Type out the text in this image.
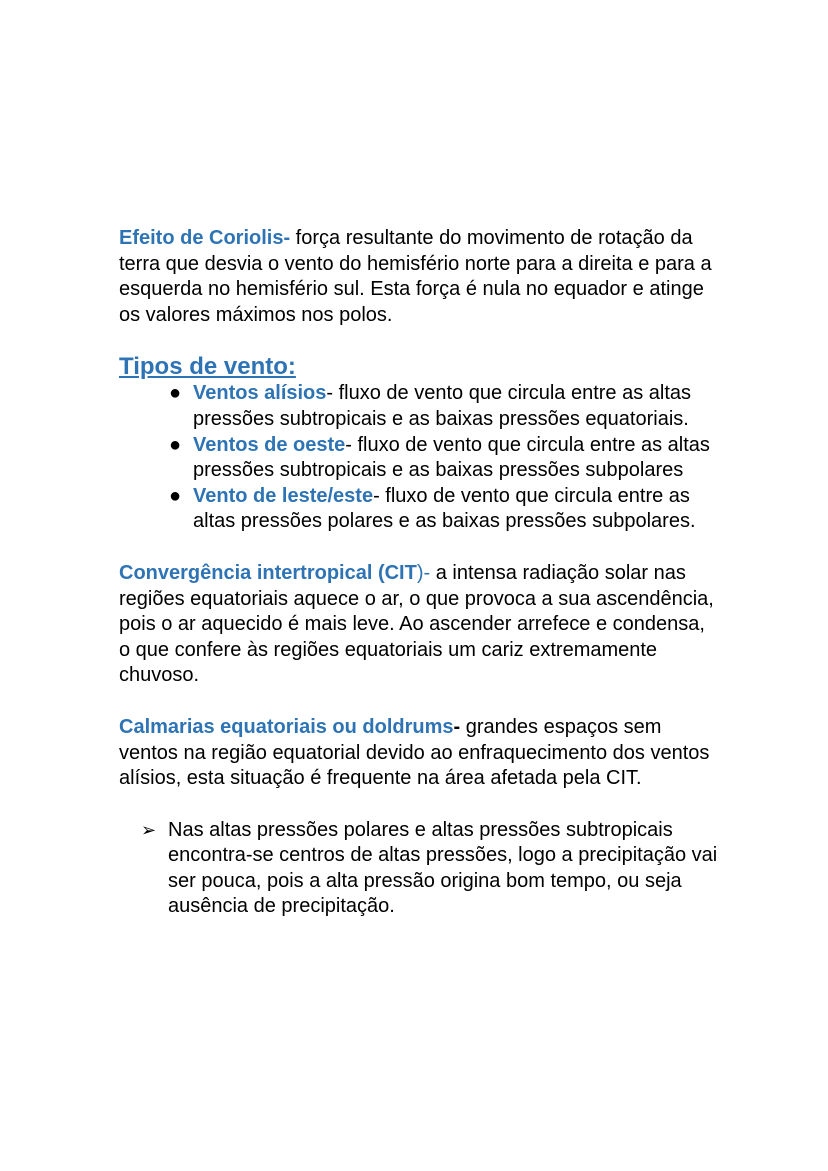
Efeito de Coriolis- força resultante do movimento de rotação da terra que desvia o vento do hemisfério norte para a direita e para a esquerda no hemisfério sul. Esta força é nula no equador e atinge os valores máximos nos polos.

Tipos de vento:

● Ventos alísios- fluxo de vento que circula entre as altas pressões subtropicais e as baixas pressões equatoriais.
● Ventos de oeste- fluxo de vento que circula entre as altas pressões subtropicais e as baixas pressões subpolares
● Vento de leste/este- fluxo de vento que circula entre as altas pressões polares e as baixas pressões subpolares.

Convergência intertropical (CIT)- a intensa radiação solar nas regiões equatoriais aquece o ar, o que provoca a sua ascendência, pois o ar aquecido é mais leve. Ao ascender arrefece e condensa, o que confere às regiões equatoriais um cariz extremamente chuvoso.

Calmarias equatoriais ou doldrums- grandes espaços sem ventos na região equatorial devido ao enfraquecimento dos ventos alísios, esta situação é frequente na área afetada pela CIT.

➢ Nas altas pressões polares e altas pressões subtropicais encontra-se centros de altas pressões, logo a precipitação vai ser pouca, pois a alta pressão origina bom tempo, ou seja ausência de precipitação.
